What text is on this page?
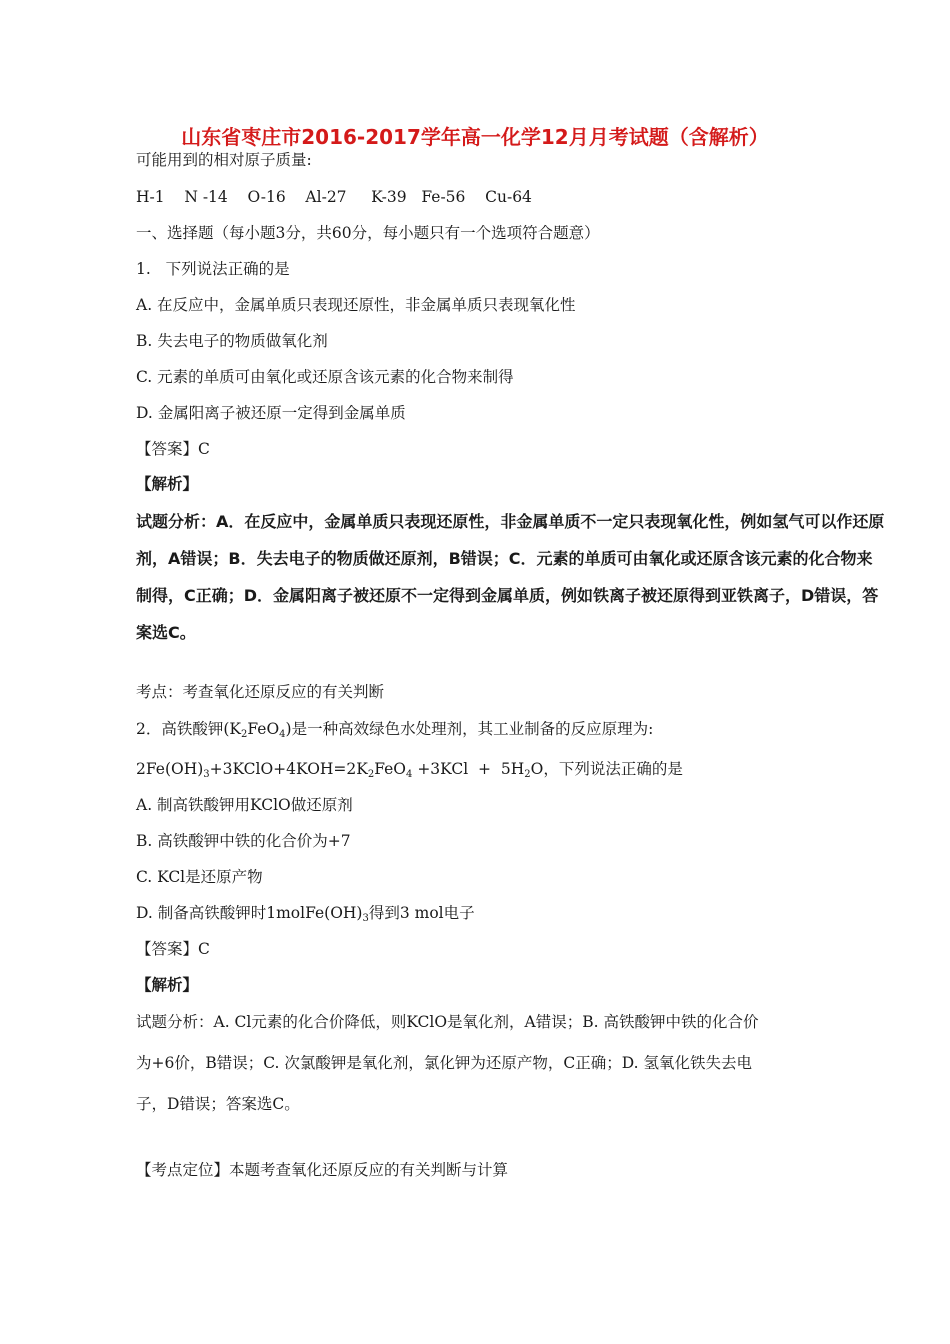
山东省枣庄市2016-2017学年高一化学12月月考试题（含解析）
可能用到的相对原子质量:
H-1    N -14    O-16    Al-27     K-39   Fe-56    Cu-64
一、选择题（每小题3分，共60分，每小题只有一个选项符合题意）
1.   下列说法正确的是
A. 在反应中，金属单质只表现还原性，非金属单质只表现氧化性
B. 失去电子的物质做氧化剂
C. 元素的单质可由氧化或还原含该元素的化合物来制得
D. 金属阳离子被还原一定得到金属单质
【答案】C
【解析】
试题分析：A．在反应中，金属单质只表现还原性，非金属单质不一定只表现氧化性，例如氢气可以作还原
剂，A错误；B．失去电子的物质做还原剂，B错误；C．元素的单质可由氧化或还原含该元素的化合物来
制得，C正确；D．金属阳离子被还原不一定得到金属单质，例如铁离子被还原得到亚铁离子，D错误，答
案选C。
考点：考查氧化还原反应的有关判断
2．高铁酸钾$(K_2FeO_4)$是一种高效绿色水处理剂，其工业制备的反应原理为:
$2Fe(OH)_3+3KClO+4KOH=2K_2FeO_4 +3KCl + 5H_2O$，下列说法正确的是
A. 制高铁酸钾用KClO做还原剂
B. 高铁酸钾中铁的化合价为+7
C. KCl是还原产物
D. 制备高铁酸钾时$1molFe(OH)_3$得到3 mol电子
【答案】C
【解析】
试题分析：A. Cl元素的化合价降低，则KClO是氧化剂，A错误；B. 高铁酸钾中铁的化合价
为+6价，B错误；C. 次氯酸钾是氧化剂，氯化钾为还原产物，C正确；D. 氢氧化铁失去电
子，D错误；答案选C。
【考点定位】本题考查氧化还原反应的有关判断与计算
